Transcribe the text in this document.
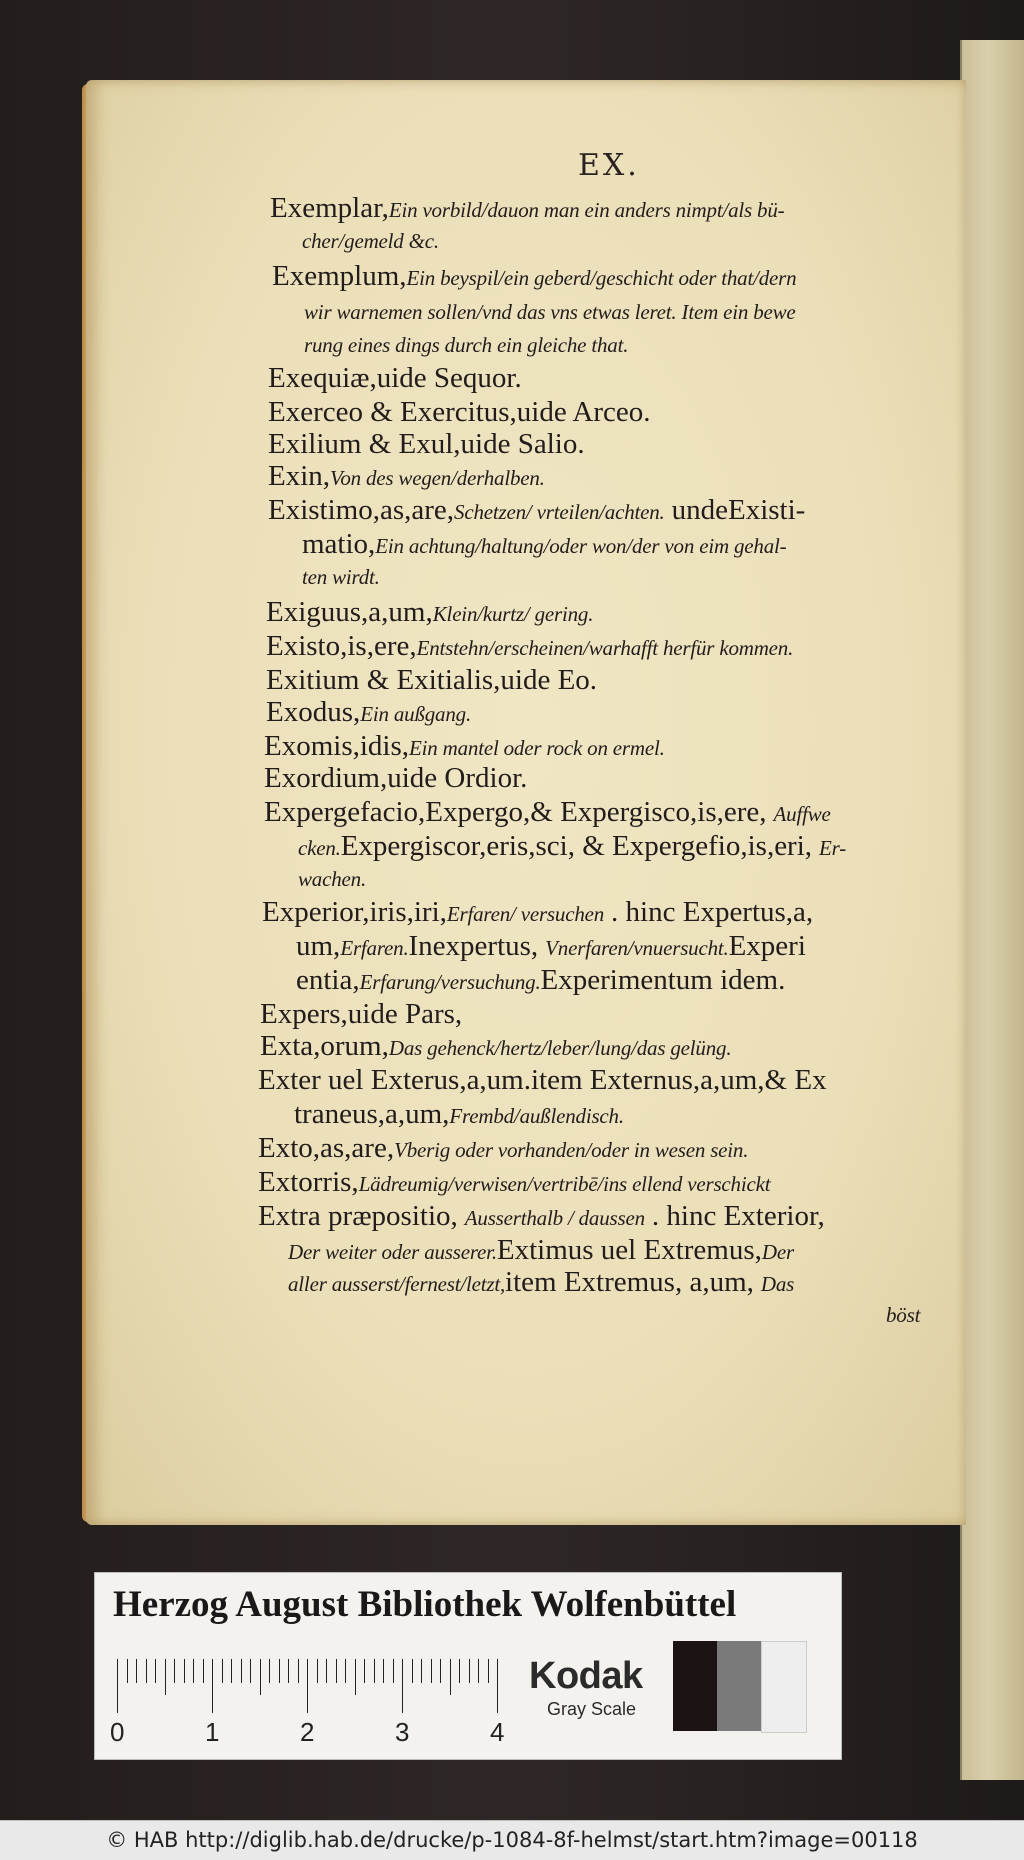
EX.
Exemplar,Ein vorbild/dauon man ein anders nimpt/als bü-
cher/gemeld &c.
Exemplum,Ein beyspil/ein geberd/geschicht oder that/dern
wir warnemen sollen/vnd das vns etwas leret. Item ein bewe
rung eines dings durch ein gleiche that.
Exequiæ,uide Sequor.
Exerceo & Exercitus,uide Arceo.
Exilium & Exul,uide Salio.
Exin,Von des wegen/derhalben.
Existimo,as,are,Schetzen/ vrteilen/achten. undeExisti-
matio,Ein achtung/haltung/oder won/der von eim gehal-
ten wirdt.
Exiguus,a,um,Klein/kurtz/ gering.
Existo,is,ere,Entstehn/erscheinen/warhafft herfür kommen.
Exitium & Exitialis,uide Eo.
Exodus,Ein außgang.
Exomis,idis,Ein mantel oder rock on ermel.
Exordium,uide Ordior.
Expergefacio,Expergo,& Expergisco,is,ere, Auffwe
cken.Expergiscor,eris,sci, & Expergefio,is,eri, Er-
wachen.
Experior,iris,iri,Erfaren/ versuchen . hinc Expertus,a,
um,Erfaren.Inexpertus, Vnerfaren/vnuersucht.Experi
entia,Erfarung/versuchung.Experimentum idem.
Expers,uide Pars,
Exta,orum,Das gehenck/hertz/leber/lung/das gelüng.
Exter uel Exterus,a,um.item Externus,a,um,& Ex
traneus,a,um,Frembd/außlendisch.
Exto,as,are,Vberig oder vorhanden/oder in wesen sein.
Extorris,Lädreumig/verwisen/vertribē/ins ellend verschickt
Extra præpositio, Ausserthalb / daussen . hinc Exterior,
Der weiter oder ausserer.Extimus uel Extremus,Der
aller ausserst/fernest/letzt,item Extremus, a,um, Das
böst
Herzog August Bibliothek Wolfenbüttel
0	1	2	3	4
Kodak
Gray Scale
© HAB http://diglib.hab.de/drucke/p-1084-8f-helmst/start.htm?image=00118
